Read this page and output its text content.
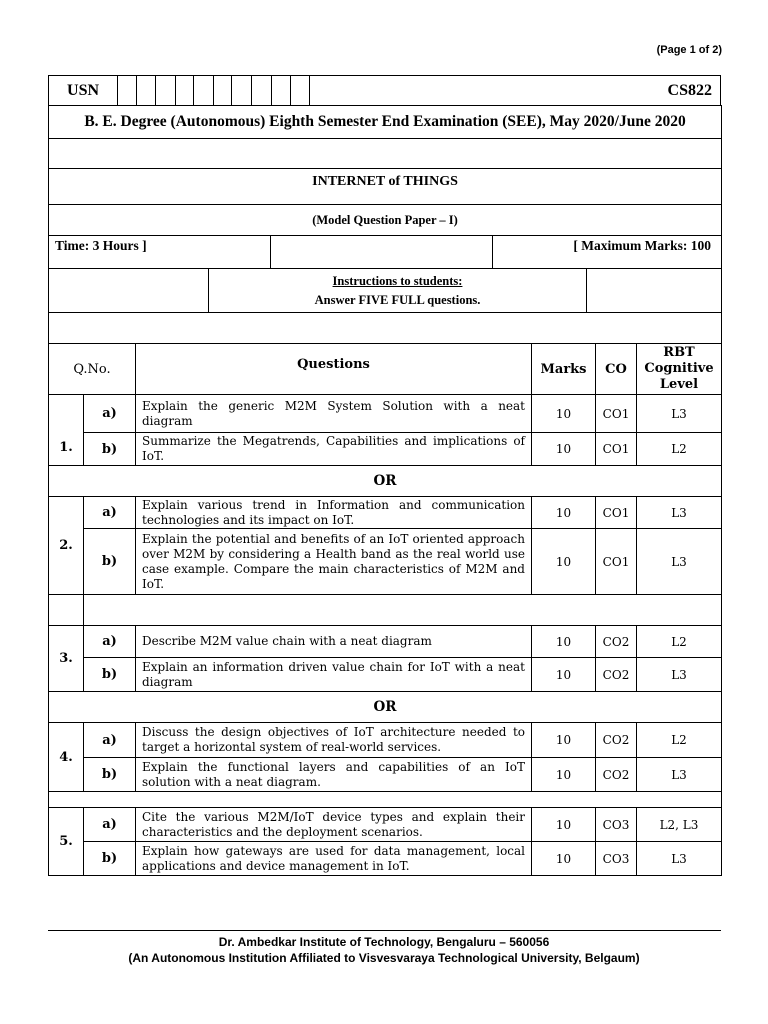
(Page 1 of 2)
USN											CS822
B. E. Degree (Autonomous) Eighth Semester End Examination (SEE), May 2020/June 2020				

INTERNET of THINGS				
(Model Question Paper – I)				
Time: 3 Hours ]			[ Maximum Marks: 100	

	Instructions to students:
Answer FIVE FULL questions.			

Q.No.		Questions	Marks	CO	RBT
Cognitive
Level

1.	a)	Explain the generic M2M System Solution with a neat diagram	10	CO1	L3
	b)	Summarize the Megatrends, Capabilities and implications of IoT.	10	CO1	L2
OR					
2.	a)	Explain various trend in Information and communication technologies and its impact on IoT.	10	CO1	L3
	b)	Explain the potential and benefits of an IoT oriented approach over M2M by considering a Health band as the real world use case example. Compare the main characteristics of M2M and IoT.	10	CO1	L3

3.	a)	Describe M2M value chain with a neat diagram	10	CO2	L2
	b)	Explain an information driven value chain for IoT with a neat diagram	10	CO2	L3
OR					
4.	a)	Discuss the design objectives of IoT architecture needed to target a horizontal system of real-world services.	10	CO2	L2
	b)	Explain the functional layers and capabilities of an IoT solution with a neat diagram.	10	CO2	L3

5.	a)	Cite the various M2M/IoT device types and explain their characteristics and the deployment scenarios.	10	CO3	L2, L3
	b)	Explain how gateways are used for data management, local applications and device management in IoT.	10	CO3	L3
Dr. Ambedkar Institute of Technology, Bengaluru – 560056
(An Autonomous Institution Affiliated to Visvesvaraya Technological University, Belgaum)
